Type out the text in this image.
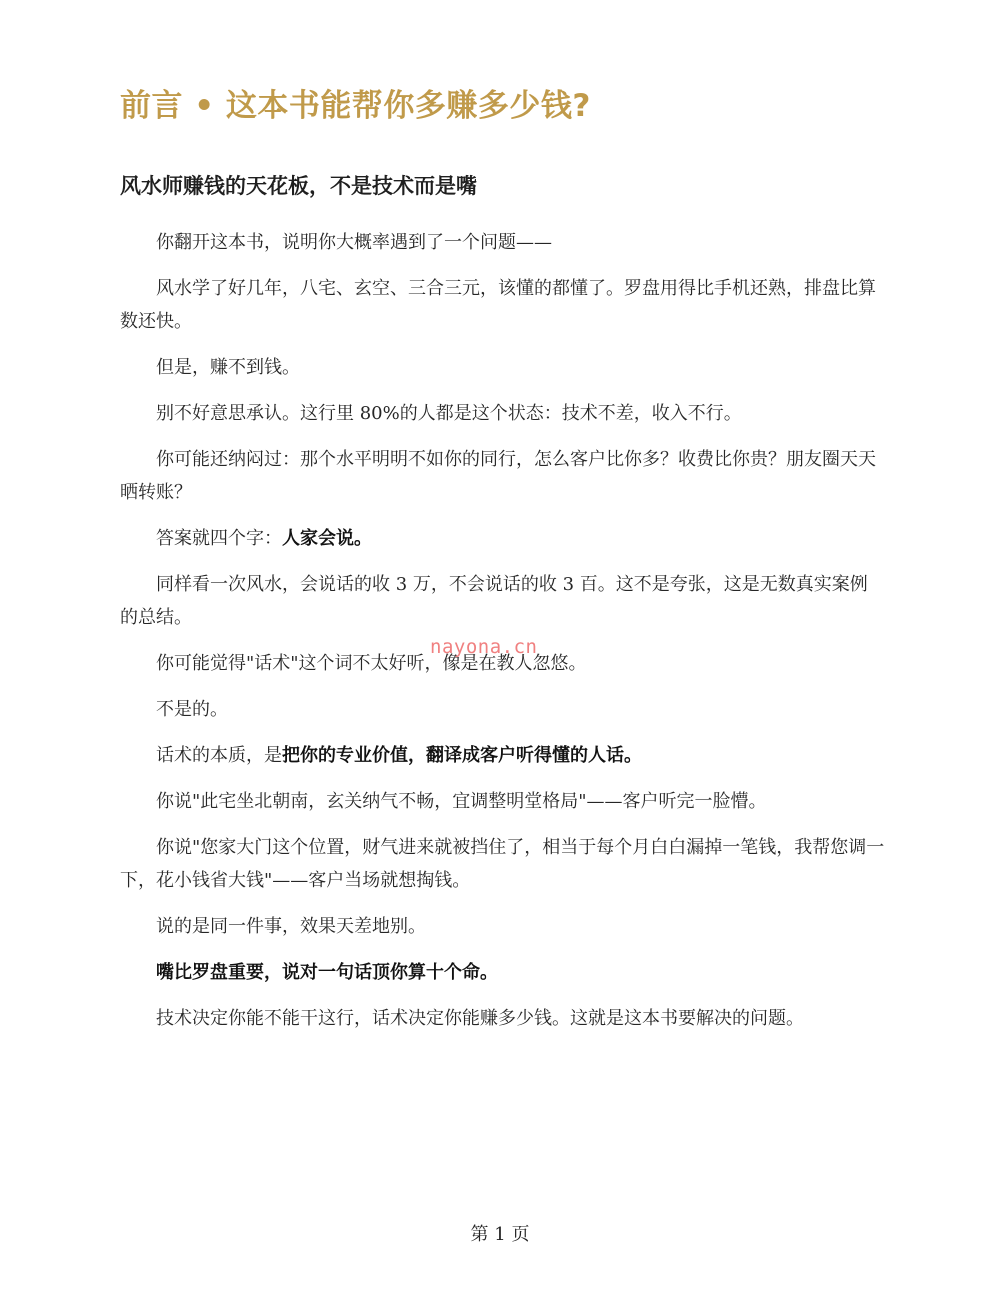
前言 • 这本书能帮你多赚多少钱?
风水师赚钱的天花板，不是技术而是嘴

你翻开这本书，说明你大概率遇到了一个问题——

风水学了好几年，八宅、玄空、三合三元，该懂的都懂了。罗盘用得比手机还熟，排盘比算数还快。

但是，赚不到钱。

别不好意思承认。这行里 80%的人都是这个状态：技术不差，收入不行。

你可能还纳闷过：那个水平明明不如你的同行，怎么客户比你多？收费比你贵？朋友圈天天晒转账？

答案就四个字：人家会说。

同样看一次风水，会说话的收 3 万，不会说话的收 3 百。这不是夸张，这是无数真实案例的总结。

你可能觉得"话术"这个词不太好听，像是在教人忽悠。

不是的。

话术的本质，是把你的专业价值，翻译成客户听得懂的人话。

你说"此宅坐北朝南，玄关纳气不畅，宜调整明堂格局"——客户听完一脸懵。

你说"您家大门这个位置，财气进来就被挡住了，相当于每个月白白漏掉一笔钱，我帮您调一下，花小钱省大钱"——客户当场就想掏钱。

说的是同一件事，效果天差地别。

嘴比罗盘重要，说对一句话顶你算十个命。

技术决定你能不能干这行，话术决定你能赚多少钱。这就是这本书要解决的问题。

nayona.cn
第 1 页
